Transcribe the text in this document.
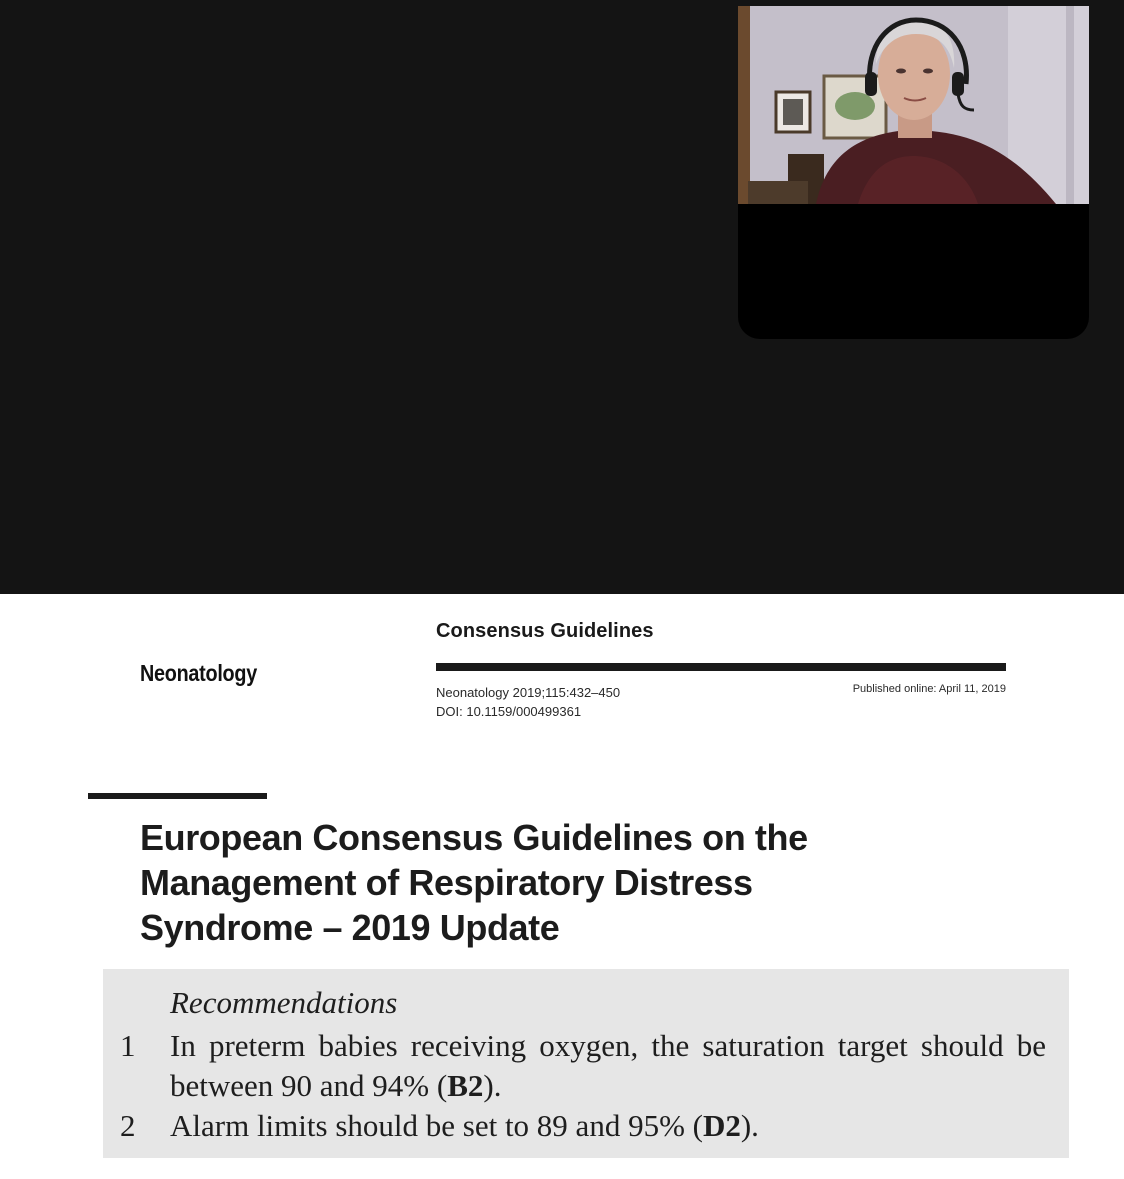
Consensus Guidelines
Neonatology
Neonatology 2019;115:432–450
DOI: 10.1159/000499361
Published online: April 11, 2019
European Consensus Guidelines on the Management of Respiratory Distress Syndrome – 2019 Update
Recommendations
1 In preterm babies receiving oxygen, the saturation target should be between 90 and 94% (B2).
2 Alarm limits should be set to 89 and 95% (D2).
